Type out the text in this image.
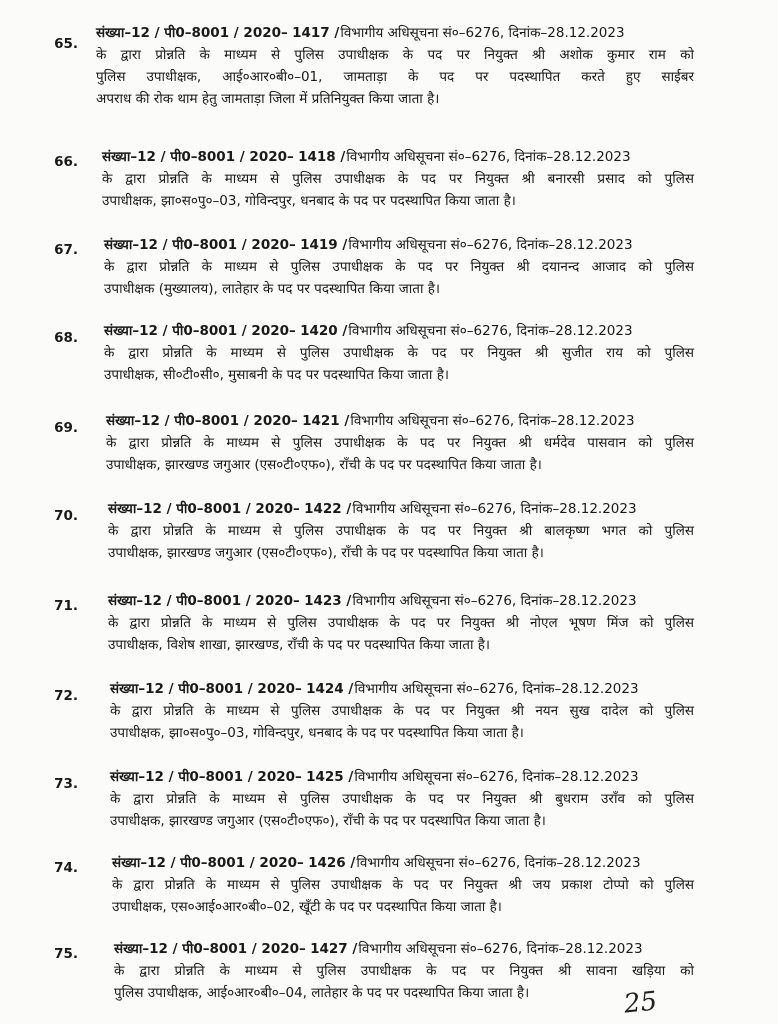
65.
संख्या–12 / पी0–8001 / 2020– 1417 / विभागीय अधिसूचना सं०–6276, दिनांक–28.12.2023
के द्वारा प्रोन्नति के माध्यम से पुलिस उपाधीक्षक के पद पर नियुक्त श्री अशोक कुमार राम को
पुलिस उपाधीक्षक, आई०आर०बी०–01, जामताड़ा के पद पर पदस्थापित करते हुए साईबर
अपराध की रोक थाम हेतु जामताड़ा जिला में प्रतिनियुक्त किया जाता है।
66. संख्या–12 / पी0–8001 / 2020– 1418 / विभागीय अधिसूचना सं०–6276, दिनांक–28.12.2023
के द्वारा प्रोन्नति के माध्यम से पुलिस उपाधीक्षक के पद पर नियुक्त श्री बनारसी प्रसाद को पुलिस
उपाधीक्षक, झा०स०पु०–03, गोविन्दपुर, धनबाद के पद पर पदस्थापित किया जाता है।
67. संख्या–12 / पी0–8001 / 2020– 1419 / विभागीय अधिसूचना सं०–6276, दिनांक–28.12.2023
के द्वारा प्रोन्नति के माध्यम से पुलिस उपाधीक्षक के पद पर नियुक्त श्री दयानन्द आजाद को पुलिस
उपाधीक्षक (मुख्यालय), लातेहार के पद पर पदस्थापित किया जाता है।
68. संख्या–12 / पी0–8001 / 2020– 1420 / विभागीय अधिसूचना सं०–6276, दिनांक–28.12.2023
के द्वारा प्रोन्नति के माध्यम से पुलिस उपाधीक्षक के पद पर नियुक्त श्री सुजीत राय को पुलिस
उपाधीक्षक, सी०टी०सी०, मुसाबनी के पद पर पदस्थापित किया जाता है।
69. संख्या–12 / पी0–8001 / 2020– 1421 / विभागीय अधिसूचना सं०–6276, दिनांक–28.12.2023
के द्वारा प्रोन्नति के माध्यम से पुलिस उपाधीक्षक के पद पर नियुक्त श्री धर्मदेव पासवान को पुलिस
उपाधीक्षक, झारखण्ड जगुआर (एस०टी०एफ०), राँची के पद पर पदस्थापित किया जाता है।
70. संख्या–12 / पी0–8001 / 2020– 1422 / विभागीय अधिसूचना सं०–6276, दिनांक–28.12.2023
के द्वारा प्रोन्नति के माध्यम से पुलिस उपाधीक्षक के पद पर नियुक्त श्री बालकृष्ण भगत को पुलिस
उपाधीक्षक, झारखण्ड जगुआर (एस०टी०एफ०), राँची के पद पर पदस्थापित किया जाता है।
71. संख्या–12 / पी0–8001 / 2020– 1423 / विभागीय अधिसूचना सं०–6276, दिनांक–28.12.2023
के द्वारा प्रोन्नति के माध्यम से पुलिस उपाधीक्षक के पद पर नियुक्त श्री नोएल भूषण मिंज को पुलिस
उपाधीक्षक, विशेष शाखा, झारखण्ड, राँची के पद पर पदस्थापित किया जाता है।
72. संख्या–12 / पी0–8001 / 2020– 1424 / विभागीय अधिसूचना सं०–6276, दिनांक–28.12.2023
के द्वारा प्रोन्नति के माध्यम से पुलिस उपाधीक्षक के पद पर नियुक्त श्री नयन सुख दादेल को पुलिस
उपाधीक्षक, झा०स०पु०–03, गोविन्दपुर, धनबाद के पद पर पदस्थापित किया जाता है।
73. संख्या–12 / पी0–8001 / 2020– 1425 / विभागीय अधिसूचना सं०–6276, दिनांक–28.12.2023
के द्वारा प्रोन्नति के माध्यम से पुलिस उपाधीक्षक के पद पर नियुक्त श्री बुधराम उराँव को पुलिस
उपाधीक्षक, झारखण्ड जगुआर (एस०टी०एफ०), राँची के पद पर पदस्थापित किया जाता है।
74.	संख्या–12 / पी0–8001 / 2020– 1426 / विभागीय अधिसूचना सं०–6276, दिनांक–28.12.2023
के द्वारा प्रोन्नति के माध्यम से पुलिस उपाधीक्षक के पद पर नियुक्त श्री जय प्रकाश टोप्पो को पुलिस
उपाधीक्षक, एस०आई०आर०बी०–02, खूँटी के पद पर पदस्थापित किया जाता है।
75.	संख्या–12 / पी0–8001 / 2020– 1427 / विभागीय अधिसूचना सं०–6276, दिनांक–28.12.2023
के द्वारा प्रोन्नति के माध्यम से पुलिस उपाधीक्षक के पद पर नियुक्त श्री सावना खड़िया को
पुलिस उपाधीक्षक, आई०आर०बी०–04, लातेहार के पद पर पदस्थापित किया जाता है।	25
